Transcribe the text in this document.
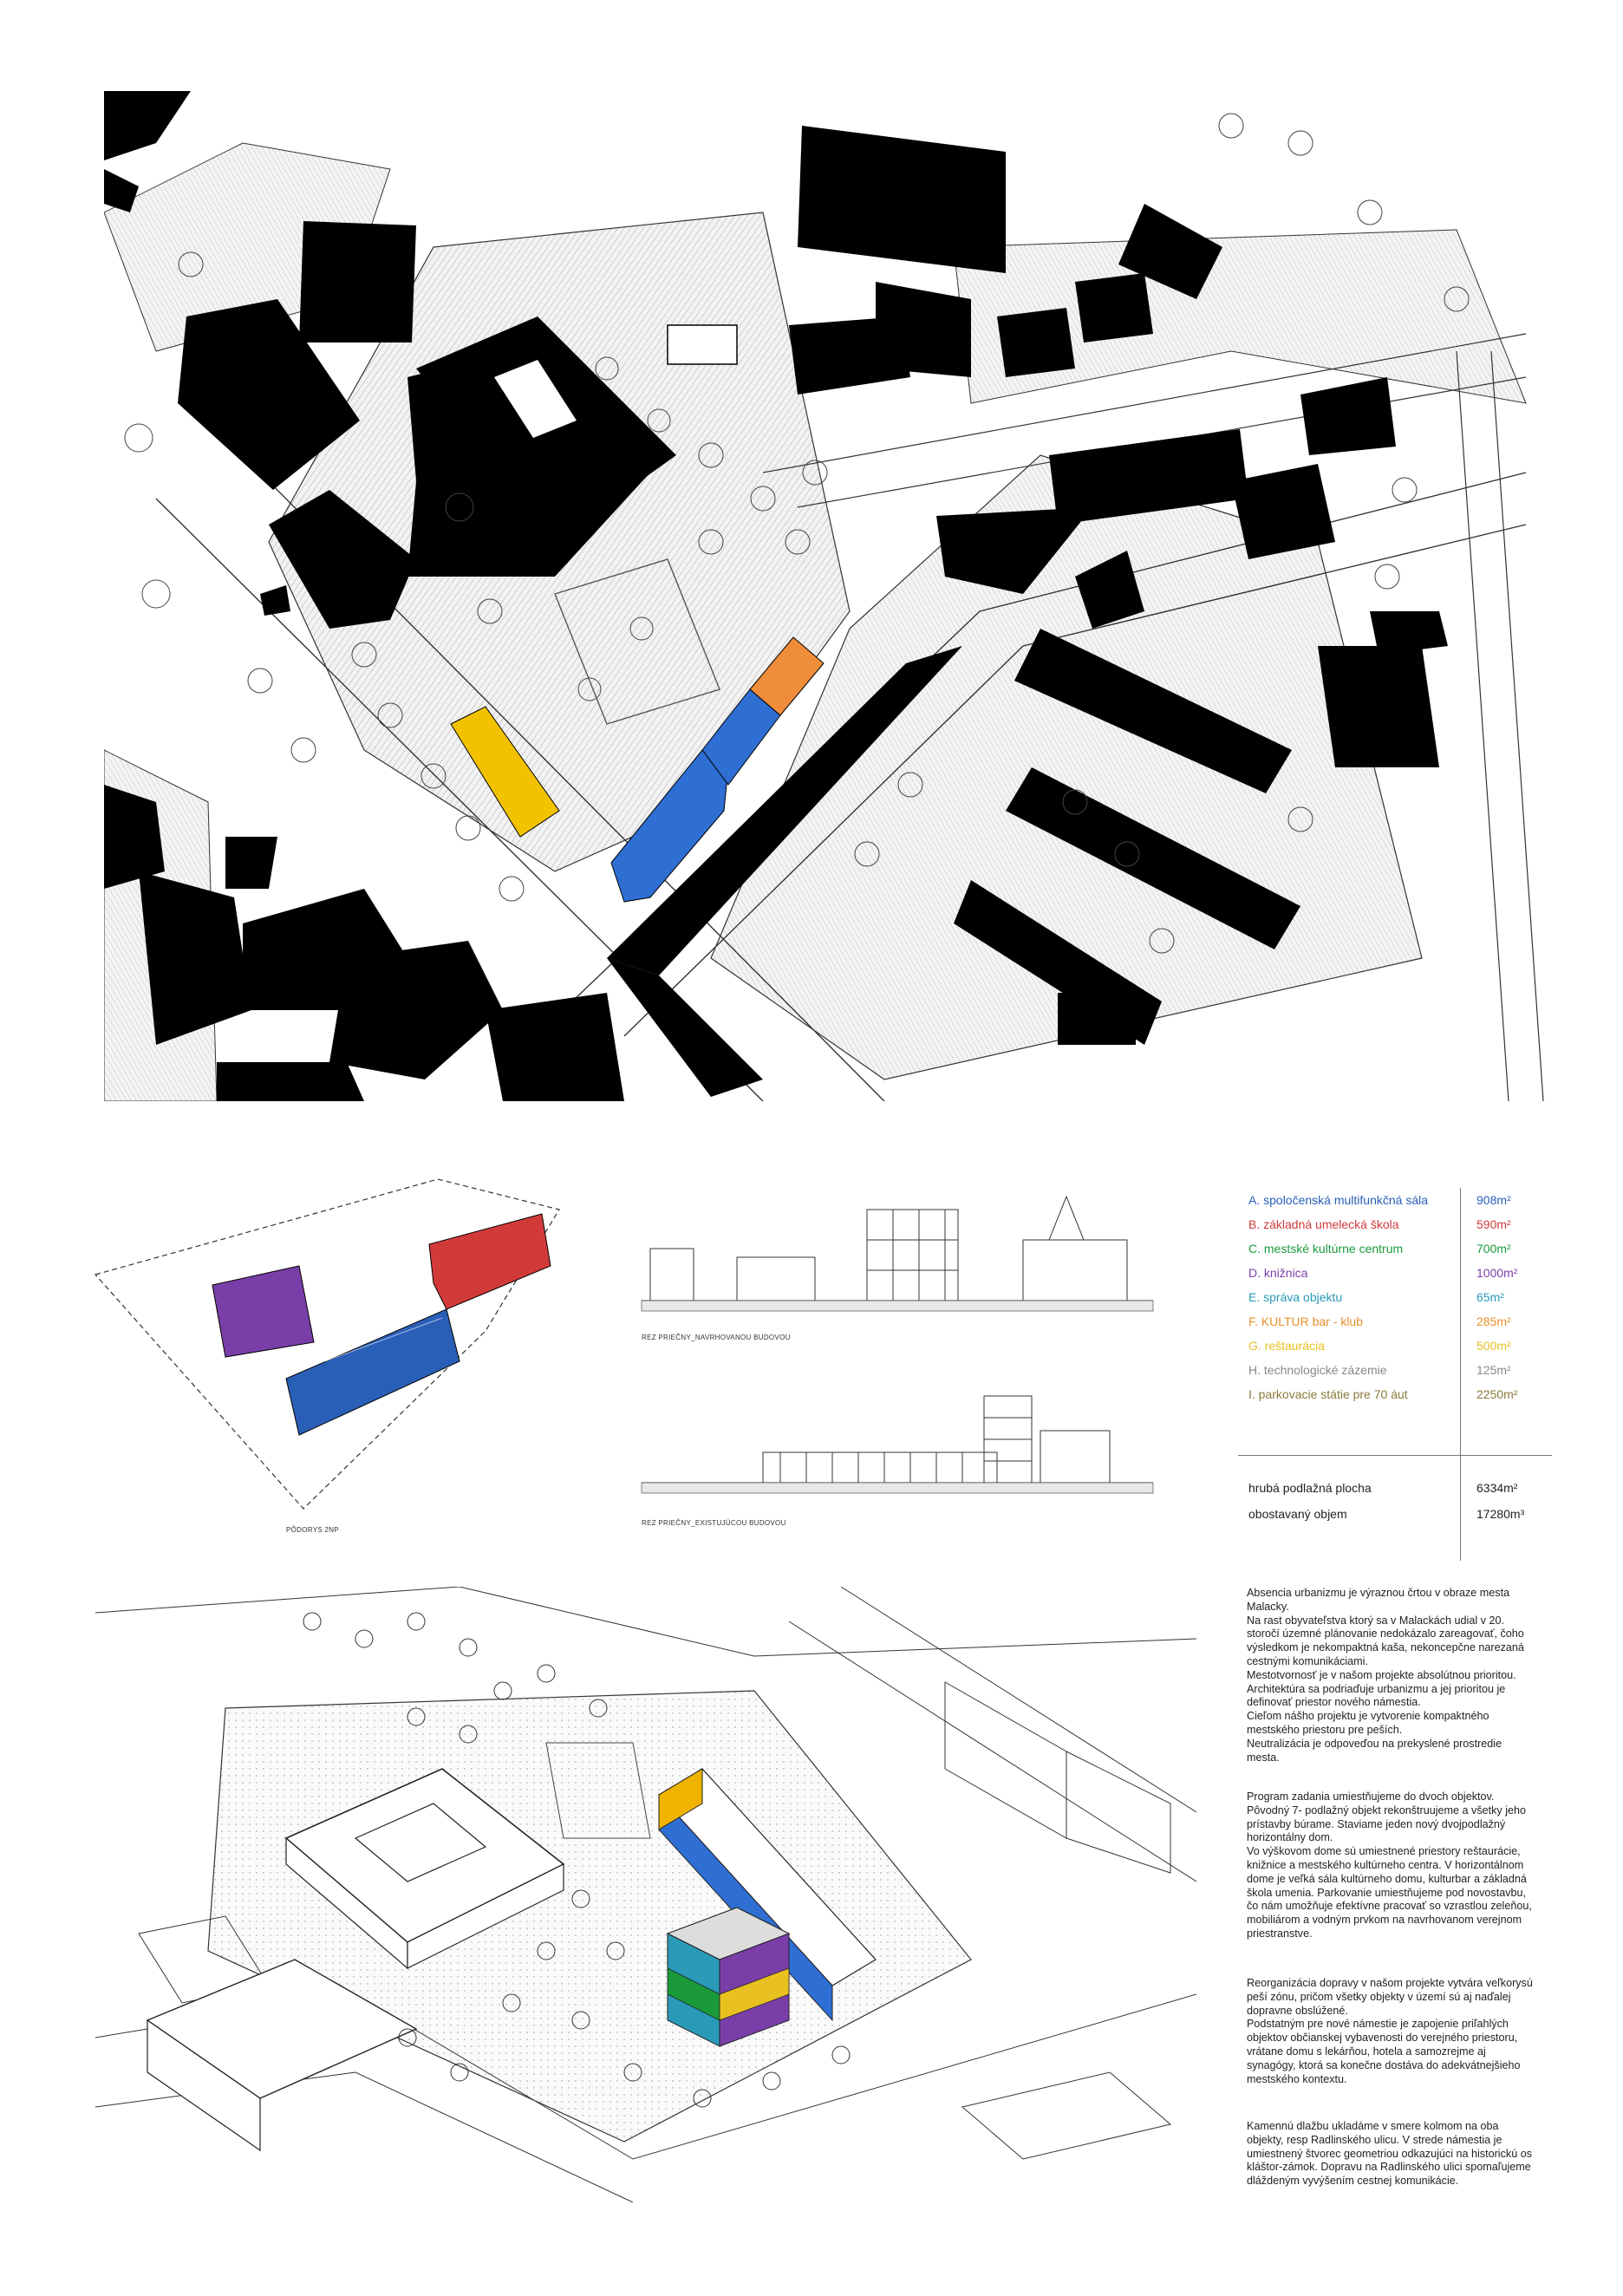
PÔDORYS 2NP
REZ PRIEČNY_NAVRHOVANOU BUDOVOU
REZ PRIEČNY_EXISTUJÚCOU BUDOVOU
A. spoločenská multifunkčná sála	908m²
B. základná umelecká škola	590m²
C. mestské kultúrne centrum	700m²
D. knižnica	1000m²
E. správa objektu	65m²
F. KULTUR bar - klub	285m²
G. reštaurácia	500m²
H. technologické zázemie	125m²
I. parkovacie státie pre 70 áut	2250m²
hrubá podlažná plocha	6334m²
obostavaný objem	17280m³
Absencia urbanizmu je výraznou črtou v obraze mesta Malacky.
Na rast obyvateľstva ktorý sa v Malackách udial v 20. storočí územné plánovanie nedokázalo zareagovať, čoho výsledkom je nekompaktná kaša, nekoncepčne narezaná cestnými komunikáciami.
Mestotvornosť je v našom projekte absolútnou prioritou. Architektúra sa podriaďuje urbanizmu a jej prioritou je definovať priestor nového námestia.
Cieľom nášho projektu je vytvorenie kompaktného mestského priestoru pre peších.
Neutralizácia je odpoveďou na prekyslené prostredie mesta.
Program zadania umiestňujeme do dvoch objektov. Pôvodný 7- podlažný objekt rekonštruujeme a všetky jeho prístavby búrame. Staviame jeden nový dvojpodlažný horizontálny dom.
Vo výškovom dome sú umiestnené priestory reštaurácie, knižnice a mestského kultúrneho centra. V horizontálnom dome je veľká sála kultúrneho domu, kulturbar a základná škola umenia. Parkovanie umiestňujeme pod novostavbu, čo nám umožňuje efektívne pracovať so vzrastlou zeleňou, mobiliárom a vodným prvkom na navrhovanom verejnom priestranstve.
Reorganizácia dopravy v našom projekte vytvára veľkorysú peší zónu, pričom všetky objekty v území sú aj naďalej dopravne obslúžené.
Podstatným pre nové námestie je zapojenie priľahlých objektov občianskej vybavenosti do verejného priestoru, vrátane domu s lekárňou, hotela a samozrejme aj synagógy, ktorá sa konečne dostáva do adekvátnejšieho mestského kontextu.
Kamennú dlažbu ukladáme v smere kolmom na oba objekty, resp Radlinského ulicu. V strede námestia je umiestnený štvorec geometriou odkazujúci na historickú os kláštor-zámok. Dopravu na Radlinského ulici spomaľujeme dláždeným vyvýšením cestnej komunikácie.
